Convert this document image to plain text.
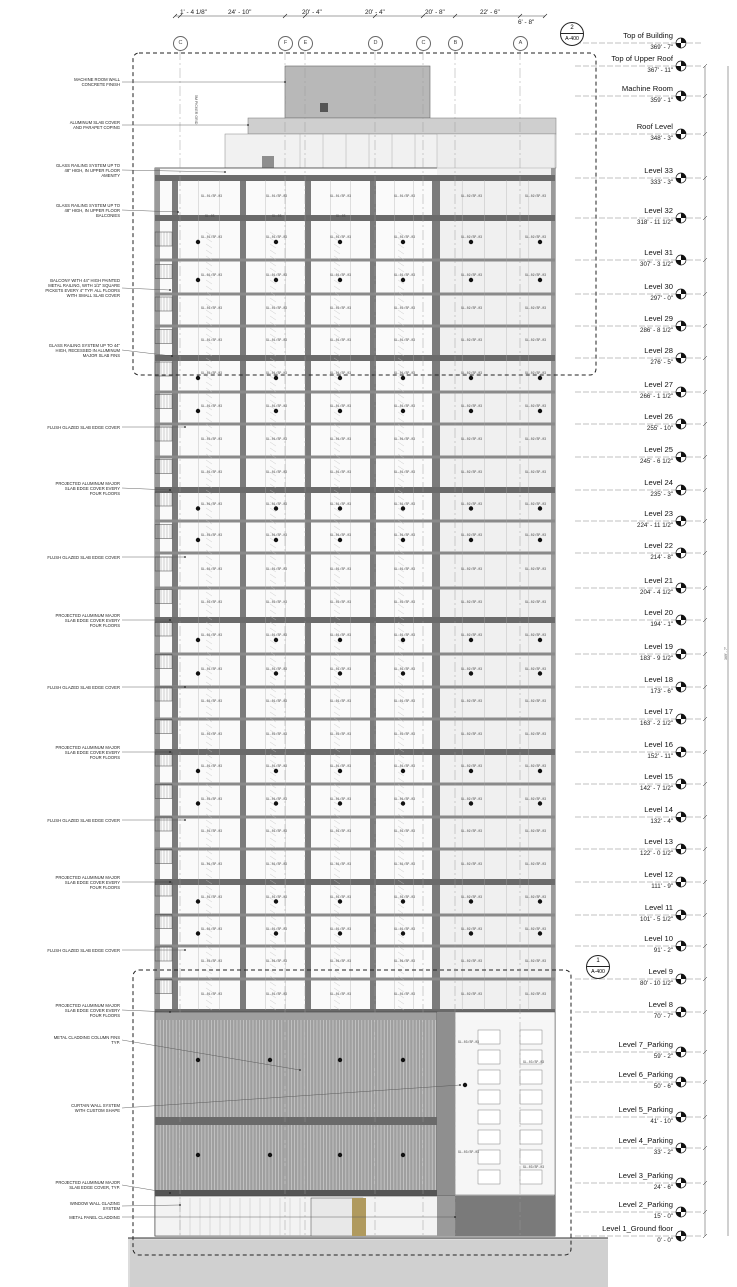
GL-01/SP-03	GL-01/SP-03	GL-01/SP-03	GL-01/SP-03	GL-02/SP-03	GL-02/SP-03
GL-01/SP-03	GL-01/SP-03	GL-01/SP-03	GL-01/SP-03	GL-02/SP-03	GL-02/SP-03
GL-01/SP-03	GL-01/SP-03	GL-01/SP-03	GL-01/SP-03	GL-02/SP-03	GL-02/SP-03
GL-01/SP-03	GL-01/SP-03	GL-01/SP-03	GL-01/SP-03	GL-02/SP-03	GL-02/SP-03
GL-01/SP-03	GL-01/SP-03	GL-01/SP-03	GL-01/SP-03	GL-02/SP-03	GL-02/SP-03
GL-01/SP-03	GL-01/SP-03	GL-01/SP-03	GL-01/SP-03	GL-02/SP-03	GL-02/SP-03
GL-01/SP-03	GL-01/SP-03	GL-01/SP-03	GL-01/SP-03	GL-02/SP-03	GL-02/SP-03
GL-01/SP-03	GL-01/SP-03	GL-01/SP-03	GL-01/SP-03	GL-02/SP-03	GL-02/SP-03
GL-01/SP-03	GL-01/SP-03	GL-01/SP-03	GL-01/SP-03	GL-02/SP-03	GL-02/SP-03
GL-01/SP-03	GL-01/SP-03	GL-01/SP-03	GL-01/SP-03	GL-02/SP-03	GL-02/SP-03
GL-01/SP-03	GL-01/SP-03	GL-01/SP-03	GL-01/SP-03	GL-02/SP-03	GL-02/SP-03
GL-01/SP-03	GL-01/SP-03	GL-01/SP-03	GL-01/SP-03	GL-02/SP-03	GL-02/SP-03
GL-01/SP-03	GL-01/SP-03	GL-01/SP-03	GL-01/SP-03	GL-02/SP-03	GL-02/SP-03
GL-01/SP-03	GL-01/SP-03	GL-01/SP-03	GL-01/SP-03	GL-02/SP-03	GL-02/SP-03
GL-01/SP-03	GL-01/SP-03	GL-01/SP-03	GL-01/SP-03	GL-02/SP-03	GL-02/SP-03
GL-01/SP-03	GL-01/SP-03	GL-01/SP-03	GL-01/SP-03	GL-02/SP-03	GL-02/SP-03
GL-01/SP-03	GL-01/SP-03	GL-01/SP-03	GL-01/SP-03	GL-02/SP-03	GL-02/SP-03
GL-01/SP-03	GL-01/SP-03	GL-01/SP-03	GL-01/SP-03	GL-02/SP-03	GL-02/SP-03
GL-01/SP-03	GL-01/SP-03	GL-01/SP-03	GL-01/SP-03	GL-02/SP-03	GL-02/SP-03
GL-01/SP-03	GL-01/SP-03	GL-01/SP-03	GL-01/SP-03	GL-02/SP-03	GL-02/SP-03
GL-01/SP-03	GL-01/SP-03	GL-01/SP-03	GL-01/SP-03	GL-02/SP-03	GL-02/SP-03
GL-01/SP-03	GL-01/SP-03	GL-01/SP-03	GL-01/SP-03	GL-02/SP-03	GL-02/SP-03
GL-01/SP-03	GL-01/SP-03	GL-01/SP-03	GL-01/SP-03	GL-02/SP-03	GL-02/SP-03
GL-01/SP-03	GL-01/SP-03	GL-01/SP-03	GL-01/SP-03	GL-02/SP-03	GL-02/SP-03
GL-01/SP-03	GL-01/SP-03	GL-01/SP-03	GL-01/SP-03	GL-02/SP-03	GL-02/SP-03
GL-05	GL-05	GL-05
GL-03/SP-03
GL-03/SP-03
GL-03/SP-03
GL-03/SP-03
C	F	E	D	C	B	A
1' - 4 1/8"	24' - 10"	20' - 4"	20' - 4"	20' - 8"	22' - 6"
6' - 8"
2
A-400
1
A-400
Top of Building
369' - 7"
Top of Upper Roof
367' - 11"
Machine Room
359' - 1"
Roof Level
348' - 3"
Level 33
333' - 3"
Level 32
318' - 11 1/2"
Level 31
307' - 3 1/2"
Level 30
297' - 0"
Level 29
286' - 8 1/2"
Level 28
276' - 5"
Level 27
266' - 1 1/2"
Level 26
255' - 10"
Level 25
245' - 6 1/2"
Level 24
235' - 3"
Level 23
224' - 11 1/2"
Level 22
214' - 8"
Level 21
204' - 4 1/2"
Level 20
194' - 1"
Level 19
183' - 9 1/2"
Level 18
173' - 6"
Level 17
163' - 2 1/2"
Level 16
152' - 11"
Level 15
142' - 7 1/2"
Level 14
132' - 4"
Level 13
122' - 0 1/2"
Level 12
111' - 9"
Level 11
101' - 5 1/2"
Level 10
91' - 2"
Level 9
80' - 10 1/2"
Level 8
70' - 7"
Level 7_Parking
59' - 2"
Level 6_Parking
50' - 6"
Level 5_Parking
41' - 10"
Level 4_Parking
33' - 2"
Level 3_Parking
24' - 6"
Level 2_Parking
15' - 0"
Level 1_Ground floor
0' - 0"
369' - 7"
MACHINE ROOM WALL
CONCRETE FINISH
ALUMINUM SLAB COVER
AND PARAPET COPING
GLASS RAILING SYSTEM UP TO
48" HIGH, IN UPPER FLOOR
AMENITY
GLASS RAILING SYSTEM UP TO
48" HIGH, IN UPPER FLOOR
BALCONIES
BALCONY WITH 44" HIGH PAINTED
METAL RAILING, WITH 1/2" SQUARE
PICKETS EVERY 4" TYP. ALL FLOORS
WITH SMALL SLAB COVER
GLASS RAILING SYSTEM UP TO 44"
HIGH, RECESSED IN ALUMINUM
MAJOR SLAB FINS
FLUSH GLAZED SLAB EDGE COVER
PROJECTED ALUMINUM MAJOR
SLAB EDGE COVER EVERY
FOUR FLOORS
FLUSH GLAZED SLAB EDGE COVER
PROJECTED ALUMINUM MAJOR
SLAB EDGE COVER EVERY
FOUR FLOORS
FLUSH GLAZED SLAB EDGE COVER
PROJECTED ALUMINUM MAJOR
SLAB EDGE COVER EVERY
FOUR FLOORS
FLUSH GLAZED SLAB EDGE COVER
PROJECTED ALUMINUM MAJOR
SLAB EDGE COVER EVERY
FOUR FLOORS
FLUSH GLAZED SLAB EDGE COVER
PROJECTED ALUMINUM MAJOR
SLAB EDGE COVER EVERY
FOUR FLOORS
METAL CLADDING COLUMN FINS
TYP.
CURTAIN WALL SYSTEM
WITH CUSTOM SHAPE
PROJECTED ALUMINUM MAJOR
SLAB EDGE COVER, TYP.
WINDOW WALL GLAZING
SYSTEM
METAL PANEL CLADDING
5M PICKER GRID
